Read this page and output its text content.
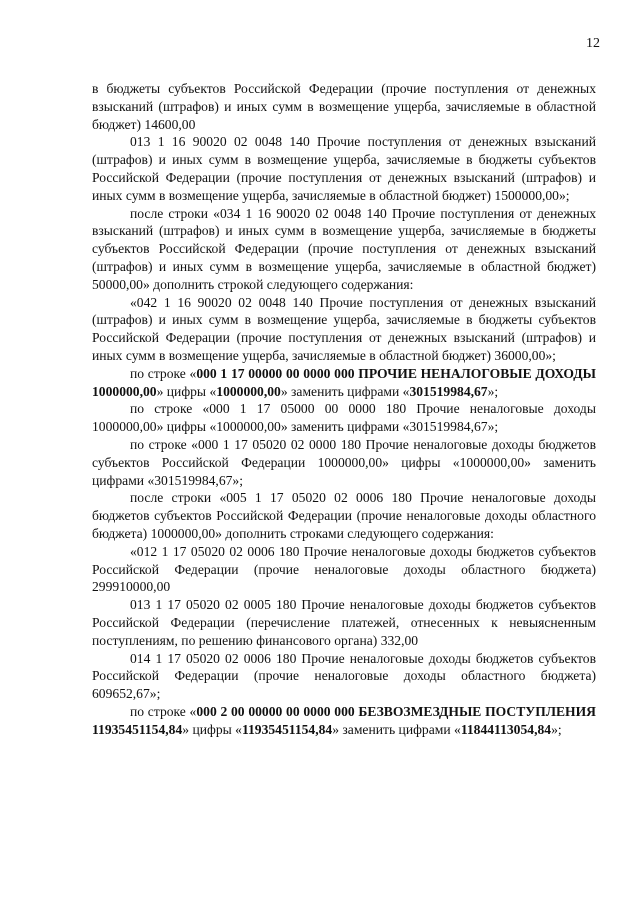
12

в бюджеты субъектов Российской Федерации (прочие поступления от денежных взысканий (штрафов) и иных сумм в возмещение ущерба, зачисляемые в областной бюджет) 14600,00

013 1 16 90020 02 0048 140 Прочие поступления от денежных взысканий (штрафов) и иных сумм в возмещение ущерба, зачисляемые в бюджеты субъектов Российской Федерации (прочие поступления от денежных взысканий (штрафов) и иных сумм в возмещение ущерба, зачисляемые в областной бюджет) 1500000,00»;

после строки «034 1 16 90020 02 0048 140 Прочие поступления от денежных взысканий (штрафов) и иных сумм в возмещение ущерба, зачисляемые в бюджеты субъектов Российской Федерации (прочие поступления от денежных взысканий (штрафов) и иных сумм в возмещение ущерба, зачисляемые в областной бюджет) 50000,00» дополнить строкой следующего содержания:

«042 1 16 90020 02 0048 140 Прочие поступления от денежных взысканий (штрафов) и иных сумм в возмещение ущерба, зачисляемые в бюджеты субъектов Российской Федерации (прочие поступления от денежных взысканий (штрафов) и иных сумм в возмещение ущерба, зачисляемые в областной бюджет) 36000,00»;

по строке «000 1 17 00000 00 0000 000 ПРОЧИЕ НЕНАЛОГОВЫЕ ДОХОДЫ 1000000,00» цифры «1000000,00» заменить цифрами «301519984,67»;

по строке «000 1 17 05000 00 0000 180 Прочие неналоговые доходы 1000000,00» цифры «1000000,00» заменить цифрами «301519984,67»;

по строке «000 1 17 05020 02 0000 180 Прочие неналоговые доходы бюджетов субъектов Российской Федерации 1000000,00» цифры «1000000,00» заменить цифрами «301519984,67»;

после строки «005 1 17 05020 02 0006 180 Прочие неналоговые доходы бюджетов субъектов Российской Федерации (прочие неналоговые доходы областного бюджета) 1000000,00» дополнить строками следующего содержания:

«012 1 17 05020 02 0006 180 Прочие неналоговые доходы бюджетов субъектов Российской Федерации (прочие неналоговые доходы областного бюджета) 299910000,00

013 1 17 05020 02 0005 180 Прочие неналоговые доходы бюджетов субъектов Российской Федерации (перечисление платежей, отнесенных к невыясненным поступлениям, по решению финансового органа) 332,00

014 1 17 05020 02 0006 180 Прочие неналоговые доходы бюджетов субъектов Российской Федерации (прочие неналоговые доходы областного бюджета) 609652,67»;

по строке «000 2 00 00000 00 0000 000 БЕЗВОЗМЕЗДНЫЕ ПОСТУПЛЕНИЯ 11935451154,84» цифры «11935451154,84» заменить цифрами «11844113054,84»;
